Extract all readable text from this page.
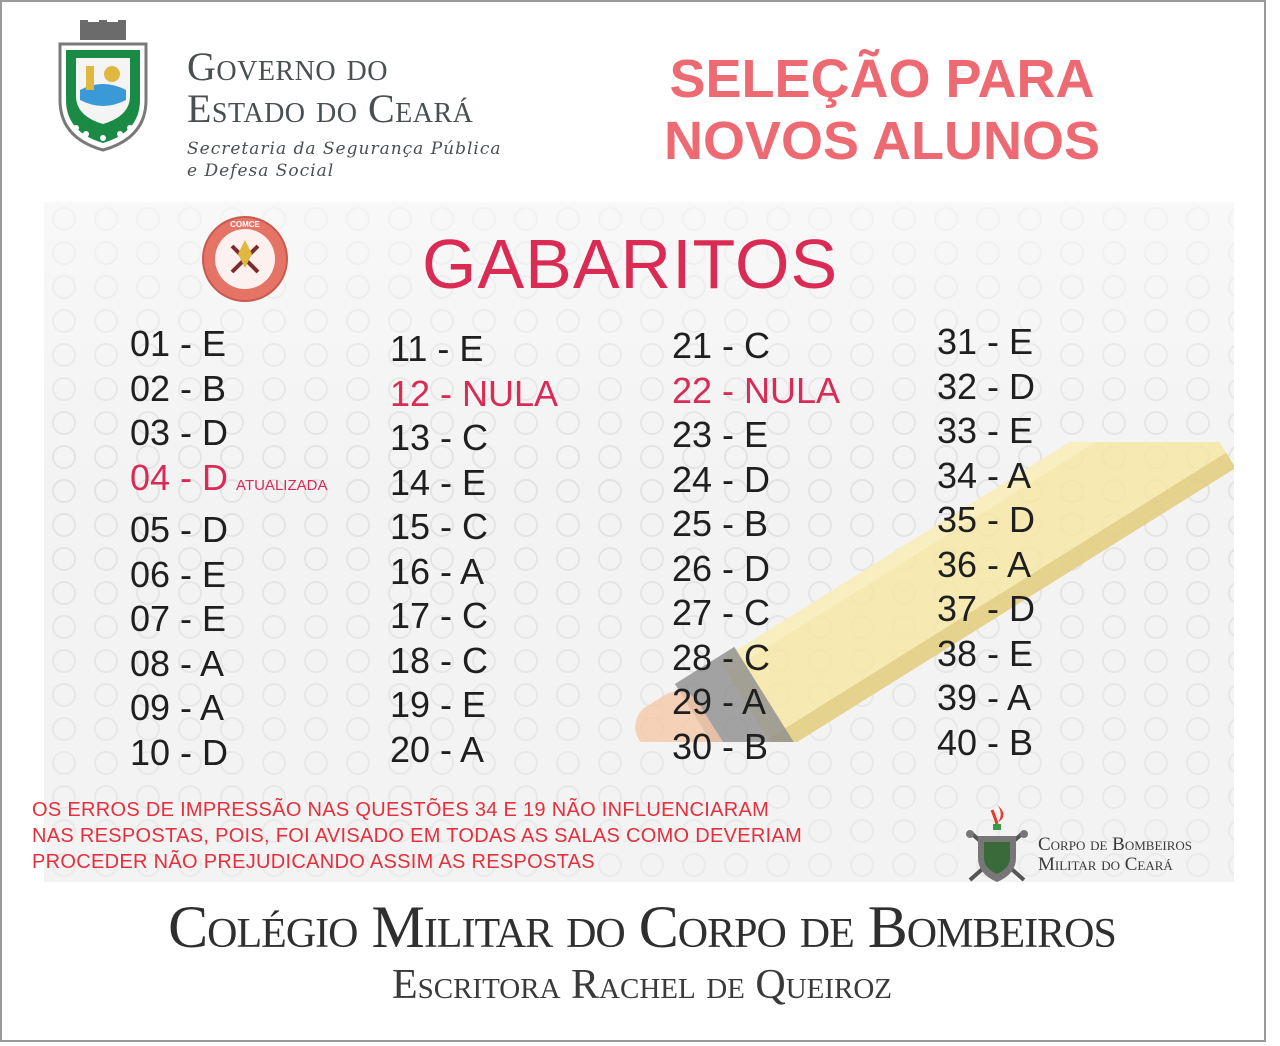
Governo do
Estado do Ceará
Secretaria da Segurança Pública
e Defesa Social
SELEÇÃO PARA
NOVOS ALUNOS
COMCE
GABARITOS
01 - E
02 - B
03 - D
04 - D ATUALIZADA
05 - D
06 - E
07 - E
08 - A
09 - A
10 - D
11 - E
12 - NULA
13 - C
14 - E
15 - C
16 - A
17 - C
18 - C
19 - E
20 - A
21 - C
22 - NULA
23 - E
24 - D
25 - B
26 - D
27 - C
28 - C
29 - A
30 - B
31 - E
32 - D
33 - E
34 - A
35 - D
36 - A
37 - D
38 - E
39 - A
40 - B
OS ERROS DE IMPRESSÃO NAS QUESTÕES 34 E 19 NÃO INFLUENCIARAM
NAS RESPOSTAS, POIS, FOI AVISADO EM TODAS AS SALAS COMO DEVERIAM
PROCEDER NÃO PREJUDICANDO ASSIM AS RESPOSTAS
Corpo de Bombeiros
Militar do Ceará
Colégio Militar do Corpo de Bombeiros
Escritora Rachel de Queiroz
